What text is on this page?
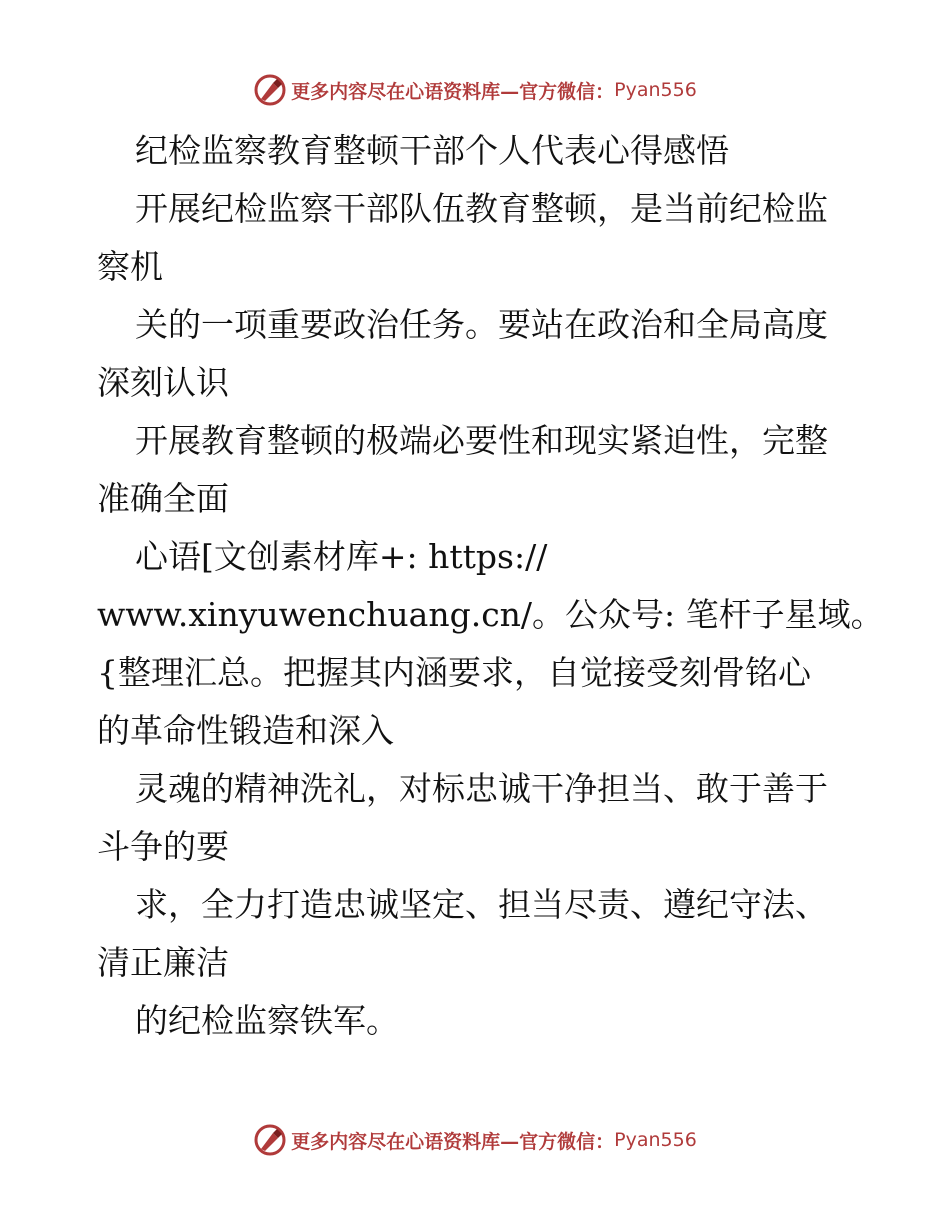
更多内容尽在心语资料库—官方微信： Pyan556
纪检监察教育整顿干部个人代表心得感悟
开展纪检监察干部队伍教育整顿，是当前纪检监
察机
关的一项重要政治任务。要站在政治和全局高度
深刻认识
开展教育整顿的极端必要性和现实紧迫性，完整
准确全面
心语[文创素材库+: https://
www.xinyuwenchuang.cn/。公众号: 笔杆子星域。
{整理汇总。把握其内涵要求，自觉接受刻骨铭心
的革命性锻造和深入
灵魂的精神洗礼，对标忠诚干净担当、敢于善于
斗争的要
求，全力打造忠诚坚定、担当尽责、遵纪守法、
清正廉洁
的纪检监察铁军。
更多内容尽在心语资料库—官方微信： Pyan556
